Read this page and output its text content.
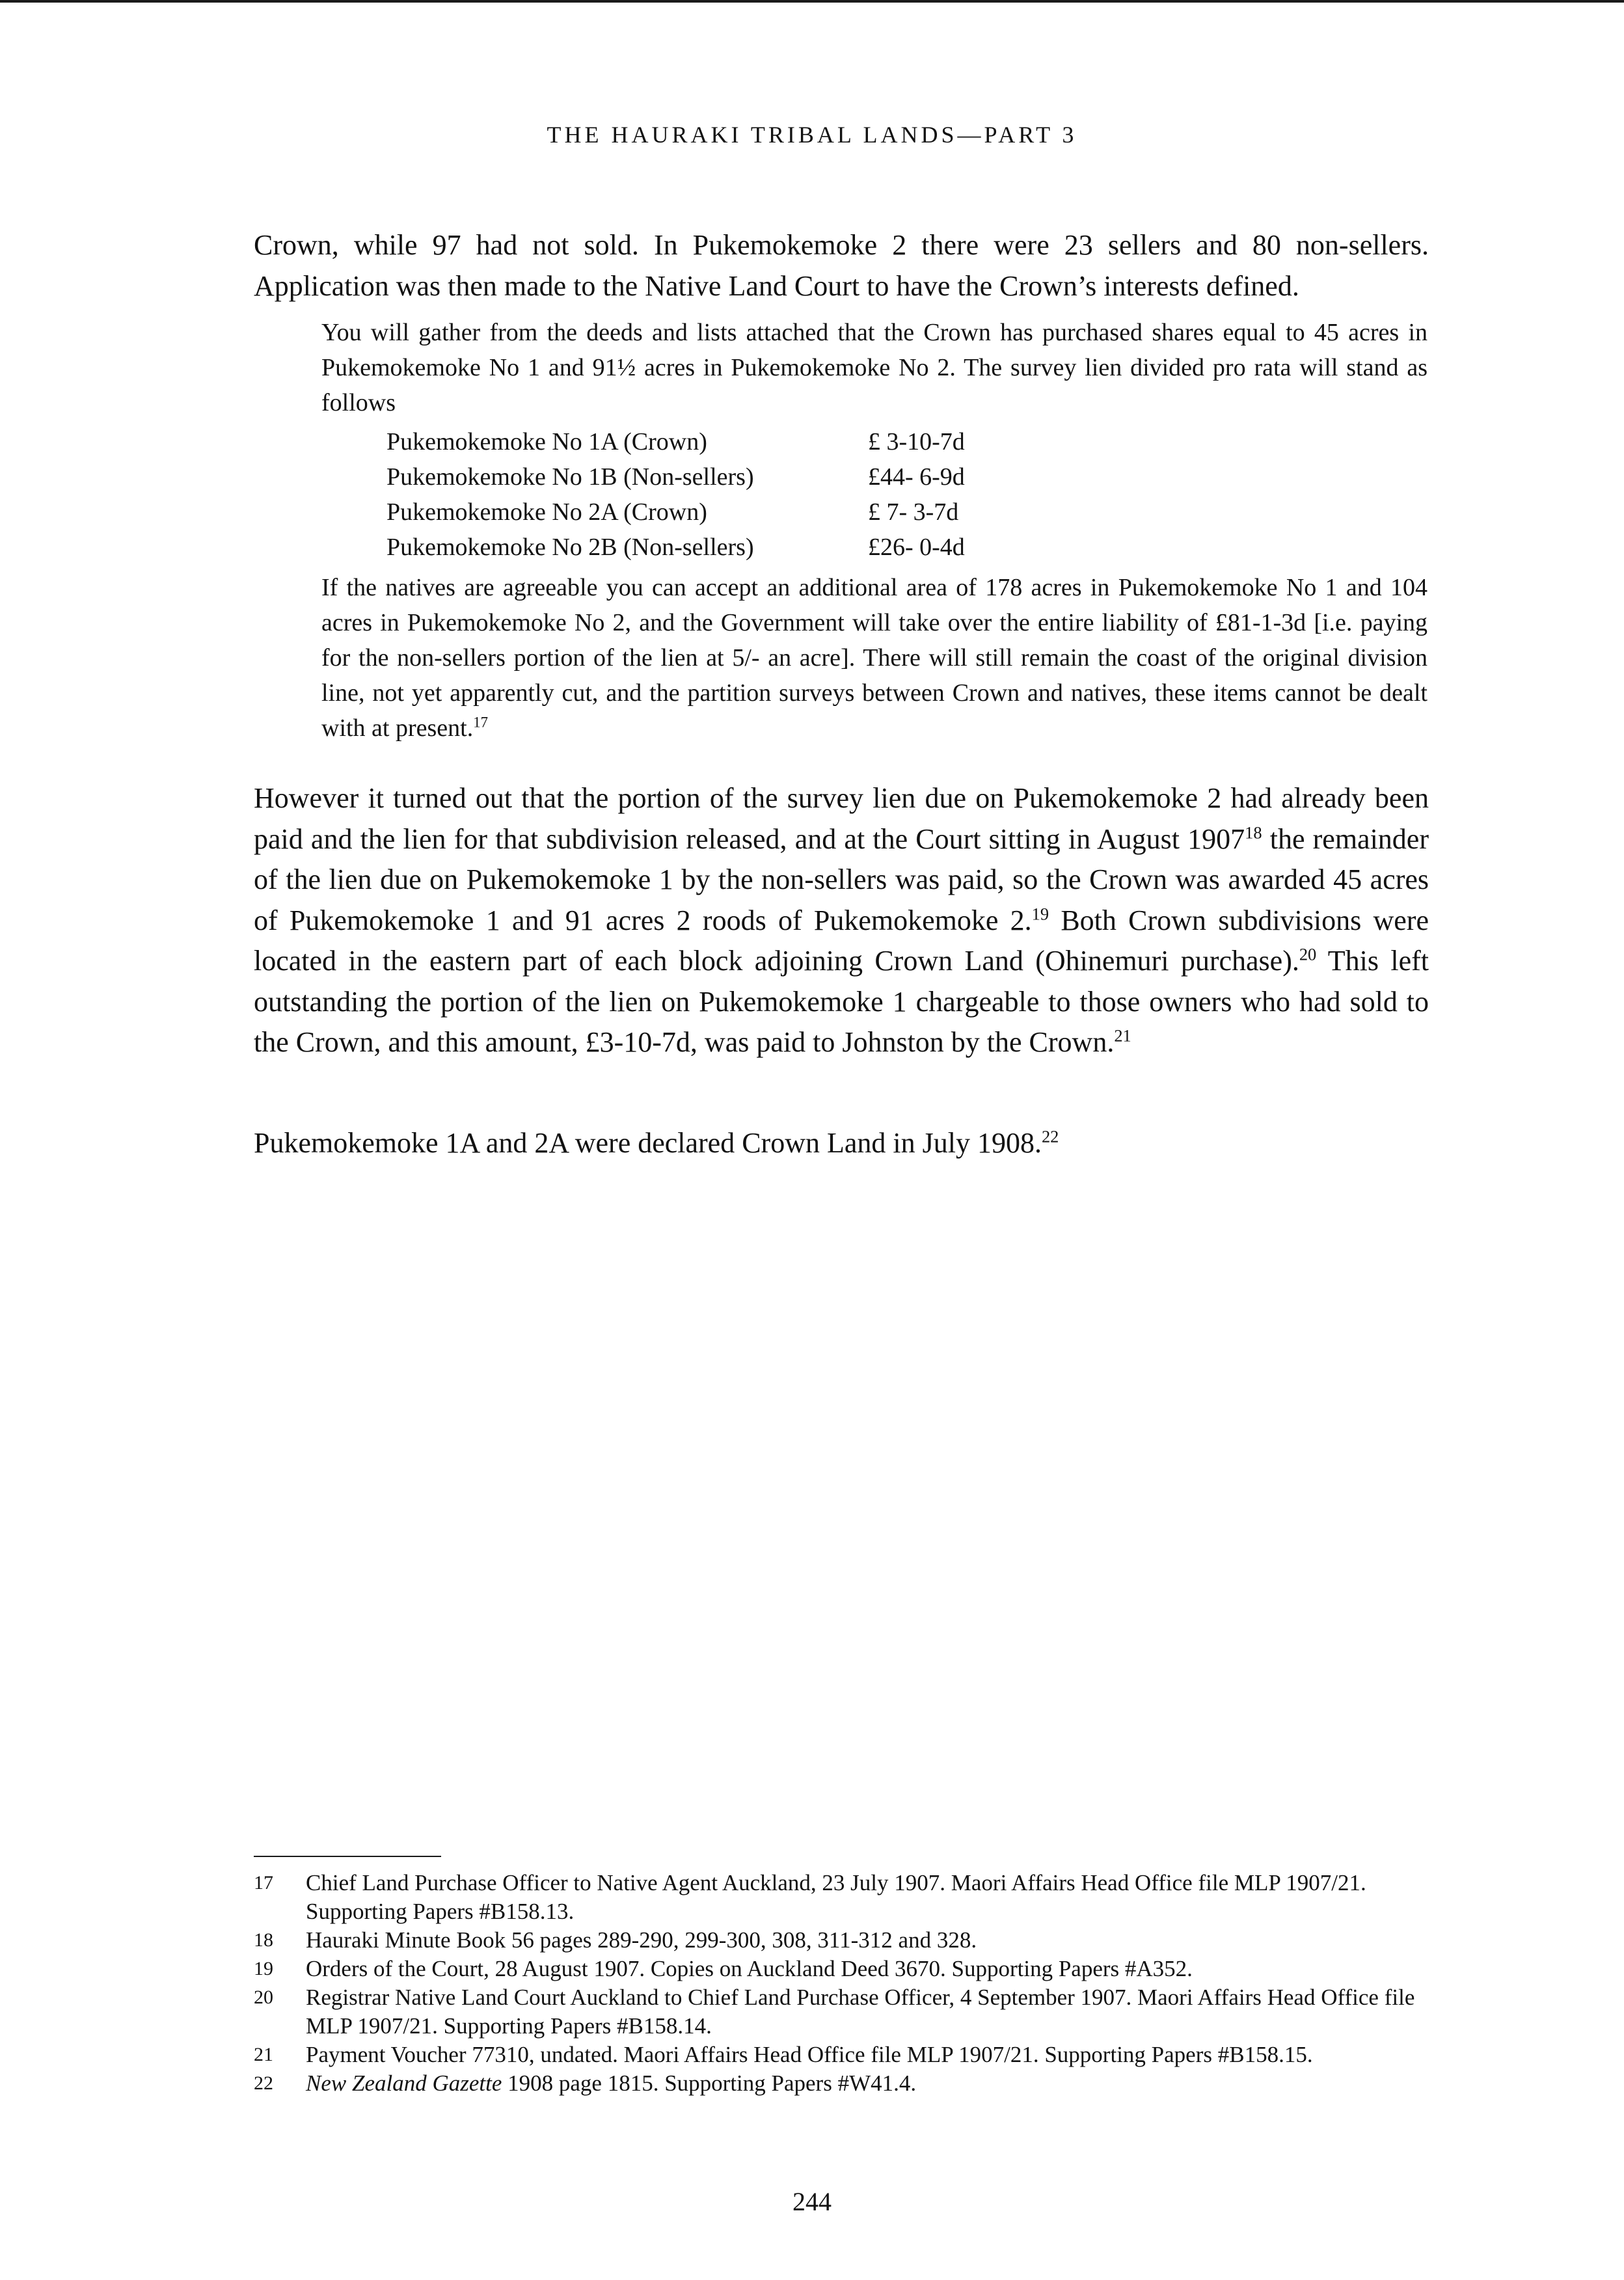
THE HAURAKI TRIBAL LANDS—PART 3

Crown, while 97 had not sold. In Pukemokemoke 2 there were 23 sellers and 80 non-sellers. Application was then made to the Native Land Court to have the Crown’s interests defined.

You will gather from the deeds and lists attached that the Crown has purchased shares equal to 45 acres in Pukemokemoke No 1 and 91½ acres in Pukemokemoke No 2. The survey lien divided pro rata will stand as follows

Pukemokemoke No 1A (Crown)	£ 3-10-7d
Pukemokemoke No 1B (Non-sellers)	£44- 6-9d
Pukemokemoke No 2A (Crown)	£ 7- 3-7d
Pukemokemoke No 2B (Non-sellers)	£26- 0-4d

If the natives are agreeable you can accept an additional area of 178 acres in Pukemokemoke No 1 and 104 acres in Pukemokemoke No 2, and the Government will take over the entire liability of £81-1-3d [i.e. paying for the non-sellers portion of the lien at 5/- an acre]. There will still remain the coast of the original division line, not yet apparently cut, and the partition surveys between Crown and natives, these items cannot be dealt with at present.$^{17}$

However it turned out that the portion of the survey lien due on Pukemokemoke 2 had already been paid and the lien for that subdivision released, and at the Court sitting in August 1907$^{18}$ the remainder of the lien due on Pukemokemoke 1 by the non-sellers was paid, so the Crown was awarded 45 acres of Pukemokemoke 1 and 91 acres 2 roods of Pukemokemoke 2.19 Both Crown subdivisions were located in the eastern part of each block adjoining Crown Land (Ohinemuri purchase).$^{20}$ This left outstanding the portion of the lien on Pukemokemoke 1 chargeable to those owners who had sold to the Crown, and this amount, £3-10-7d, was paid to Johnston by the Crown.$^{21}$

Pukemokemoke 1A and 2A were declared Crown Land in July 1908.22

17	Chief Land Purchase Officer to Native Agent Auckland, 23 July 1907. Maori Affairs Head Office file MLP 1907/21. Supporting Papers #B158.13.
18	Hauraki Minute Book 56 pages 289-290, 299-300, 308, 311-312 and 328.
19	Orders of the Court, 28 August 1907. Copies on Auckland Deed 3670. Supporting Papers #A352.
20	Registrar Native Land Court Auckland to Chief Land Purchase Officer, 4 September 1907. Maori Affairs Head Office file MLP 1907/21. Supporting Papers #B158.14.
21	Payment Voucher 77310, undated. Maori Affairs Head Office file MLP 1907/21. Supporting Papers #B158.15.
22	New Zealand Gazette 1908 page 1815. Supporting Papers #W41.4.
244
